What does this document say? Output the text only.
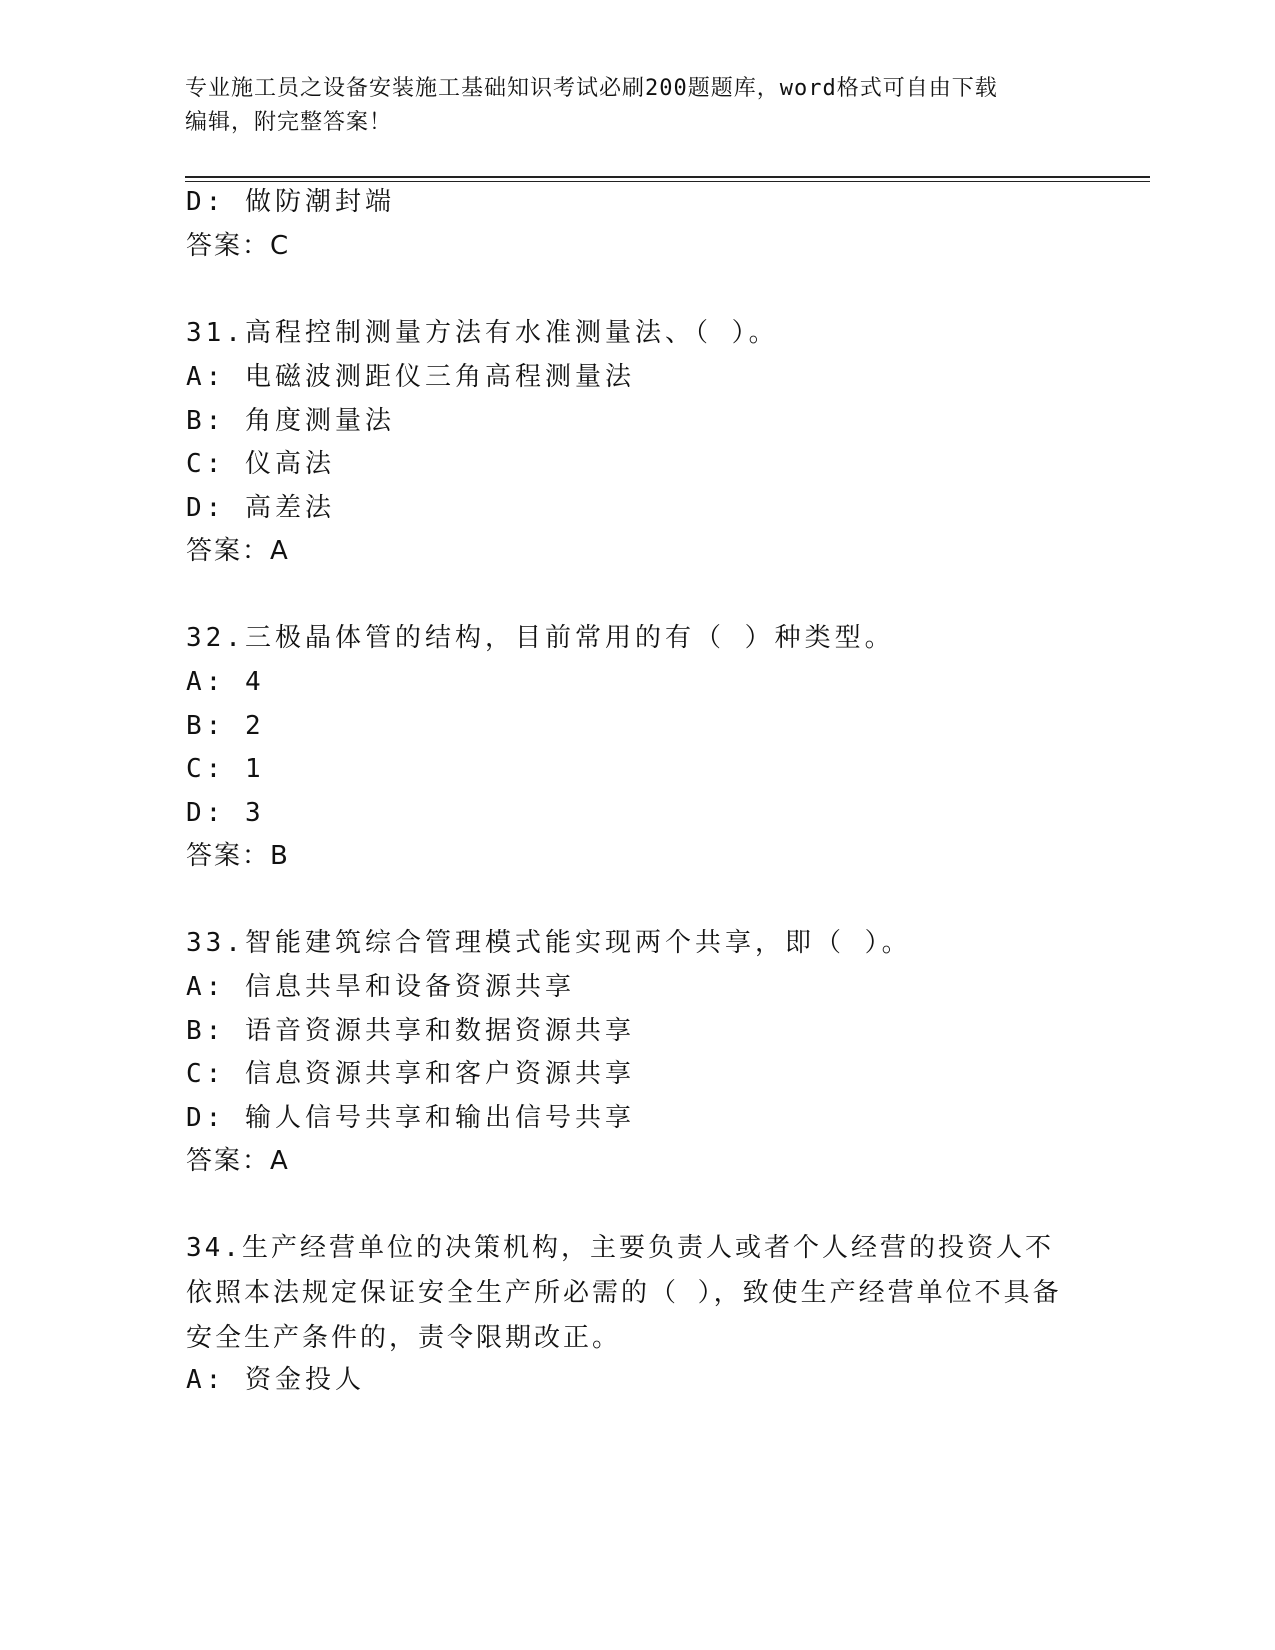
专业施工员之设备安装施工基础知识考试必刷200题题库，word格式可自由下载
编辑，附完整答案！
D: 做防潮封端
答案：C
31.高程控制测量方法有水准测量法、（ ）。
A: 电磁波测距仪三角高程测量法
B: 角度测量法
C: 仪高法
D: 高差法
答案：A
32.三极晶体管的结构，目前常用的有（ ）种类型。
A: 4
B: 2
C: 1
D: 3
答案：B
33.智能建筑综合管理模式能实现两个共享，即（ ）。
A: 信息共旱和设备资源共享
B: 语音资源共享和数据资源共享
C: 信息资源共享和客户资源共享
D: 输人信号共享和输出信号共享
答案：A
34.生产经营单位的决策机构，主要负责人或者个人经营的投资人不依照本法规定保证安全生产所必需的（ ），致使生产经营单位不具备安全生产条件的，责令限期改正。
A: 资金投人
